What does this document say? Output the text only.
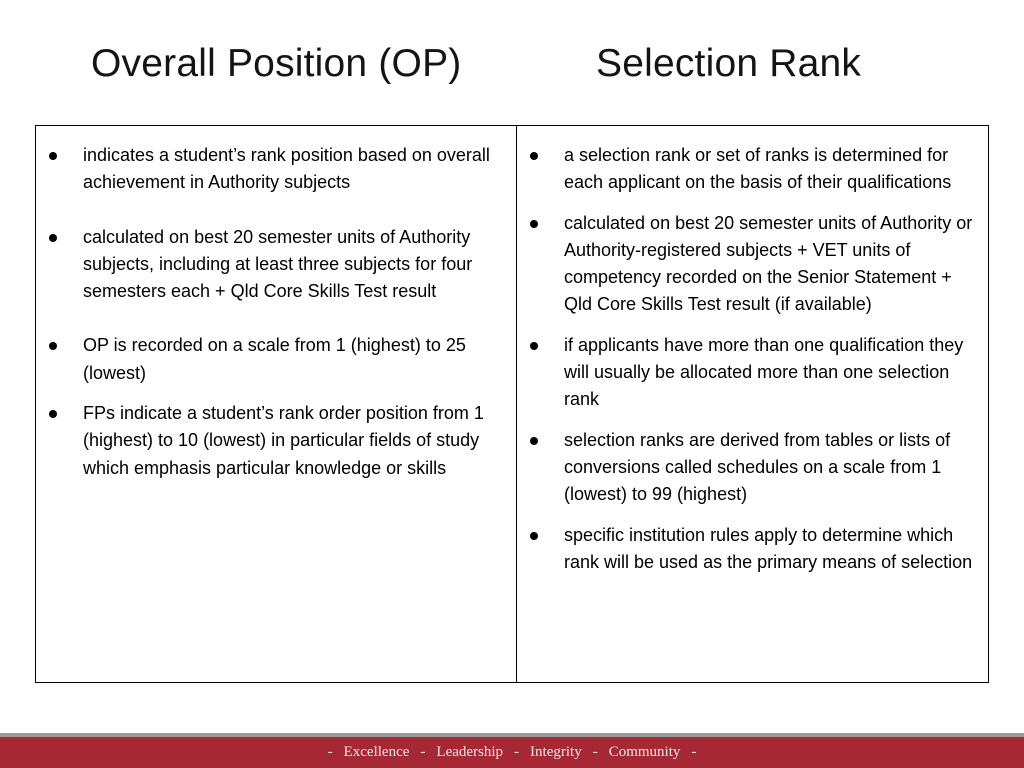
Overall Position (OP)	Selection Rank
indicates a student’s rank position based on overall achievement in Authority subjects
calculated on best 20 semester units of Authority subjects, including at least three subjects for four semesters each + Qld Core Skills Test result
OP is recorded on a scale from 1 (highest) to 25 (lowest)
FPs indicate a student’s rank order position from 1 (highest) to 10 (lowest) in particular fields of study which emphasis particular knowledge or skills
a selection rank or set of ranks is determined for each applicant on the basis of their qualifications
calculated on best 20 semester units of Authority or Authority-registered subjects + VET units of competency recorded on the Senior Statement + Qld Core Skills Test result (if available)
if applicants have more than one qualification they will usually be allocated more than one selection rank
selection ranks are derived from tables or lists of conversions called schedules on a scale from 1 (lowest) to 99 (highest)
specific institution rules apply to determine which rank will be used as the primary means of selection
- Excellence - Leadership - Integrity - Community -
